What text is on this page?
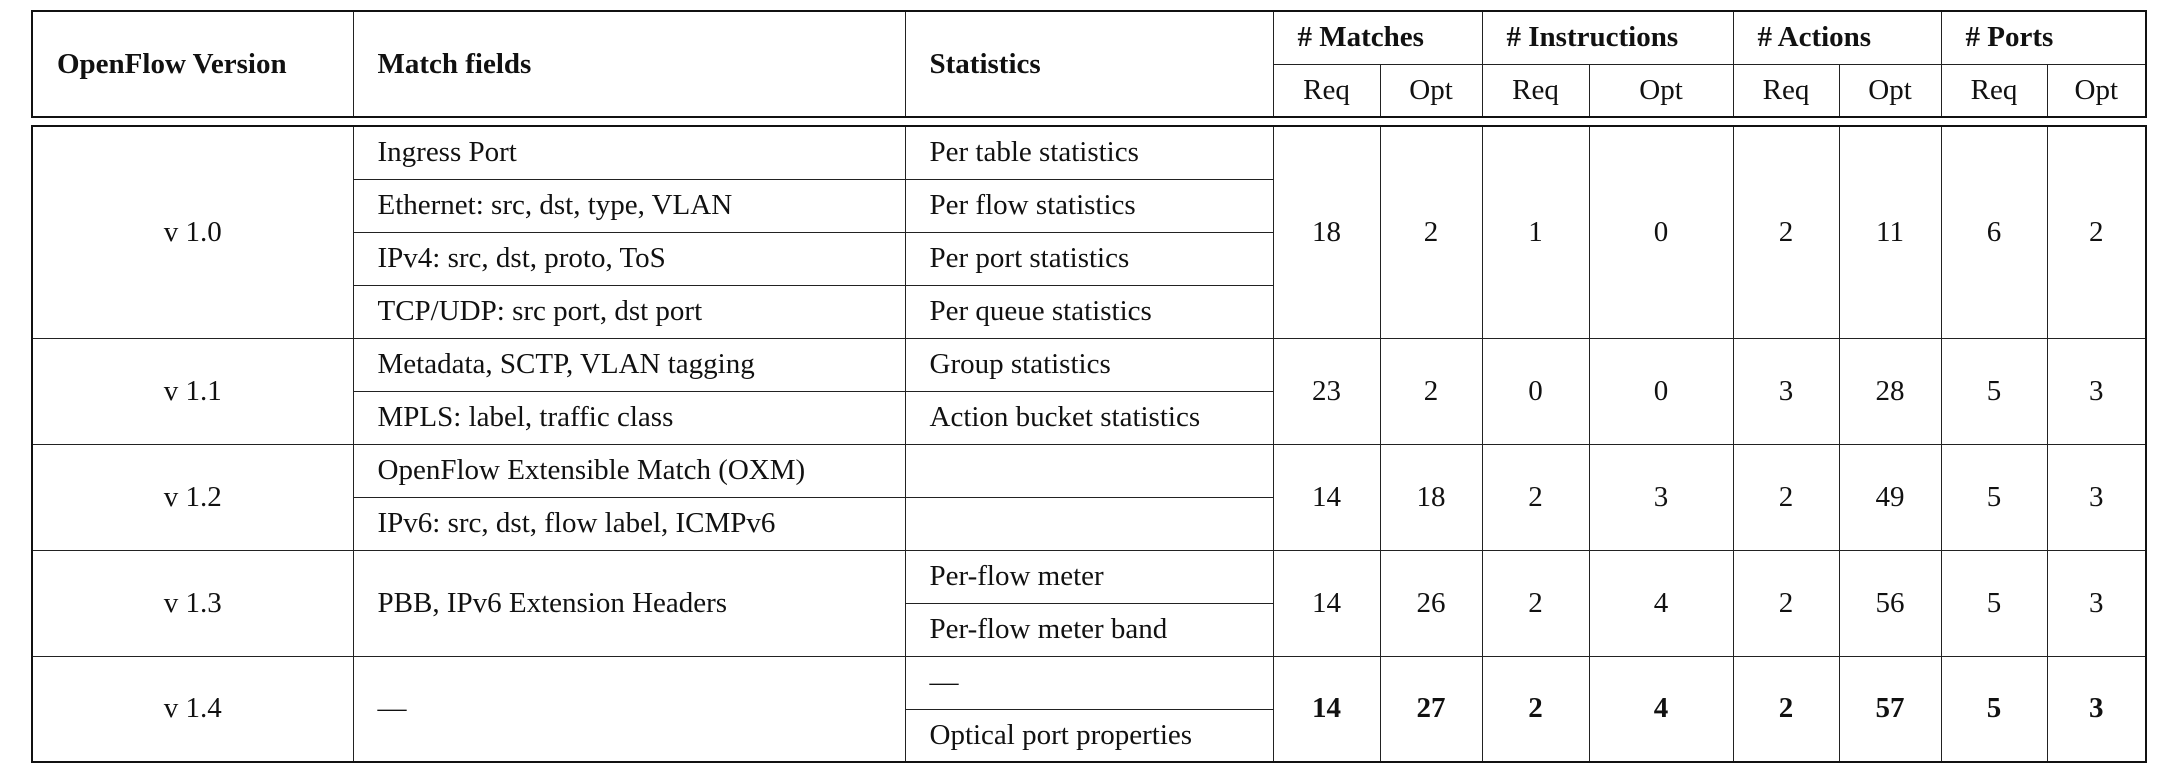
OpenFlow Version	Match fields	Statistics	# Matches		# Instructions		# Actions		# Ports	
			Req	Opt	Req	Opt	Req	Opt	Req	Opt
v 1.0	Ingress Port	Per table statistics	18	2	1	0	2	11	6	2
	Ethernet: src, dst, type, VLAN	Per flow statistics								
	IPv4: src, dst, proto, ToS	Per port statistics								
	TCP/UDP: src port, dst port	Per queue statistics								
v 1.1	Metadata, SCTP, VLAN tagging	Group statistics	23	2	0	0	3	28	5	3
	MPLS: label, traffic class	Action bucket statistics								
v 1.2	OpenFlow Extensible Match (OXM)		14	18	2	3	2	49	5	3
	IPv6: src, dst, flow label, ICMPv6									
v 1.3	PBB, IPv6 Extension Headers	Per-flow meter	14	26	2	4	2	56	5	3
		Per-flow meter band								
v 1.4	—	—	14	27	2	4	2	57	5	3
		Optical port properties								
